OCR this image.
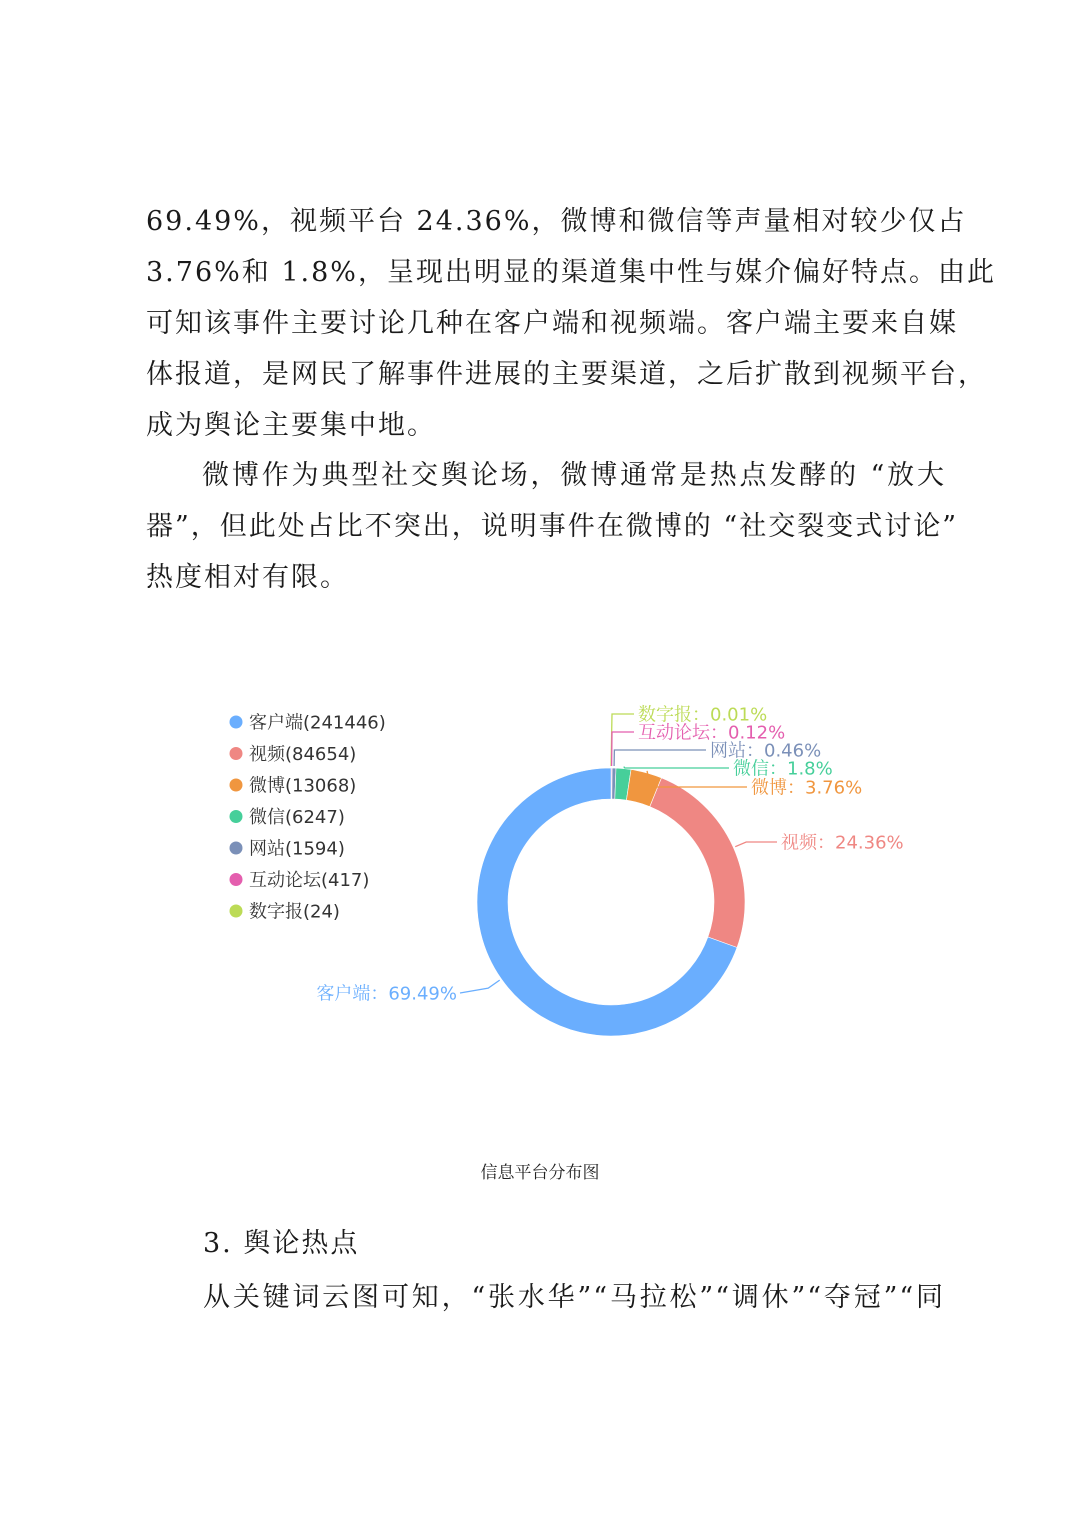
69.49%，视频平台 24.36%，微博和微信等声量相对较少仅占
3.76%和 1.8%，呈现出明显的渠道集中性与媒介偏好特点。由此
可知该事件主要讨论几种在客户端和视频端。客户端主要来自媒
体报道，是网民了解事件进展的主要渠道，之后扩散到视频平台，
成为舆论主要集中地。
微博作为典型社交舆论场，微博通常是热点发酵的 “放大
器”，但此处占比不突出，说明事件在微博的 “社交裂变式讨论”
热度相对有限。
客户端(241446)
视频(84654)
微博(13068)
微信(6247)
网站(1594)
互动论坛(417)
数字报(24)
数字报：0.01%
互动论坛：0.12%
网站：0.46%
微信：1.8%
微博：3.76%
视频：24.36%
客户端：69.49%
信息平台分布图
3. 舆论热点
从关键词云图可知，“张水华”“马拉松”“调休”“夺冠”“同
